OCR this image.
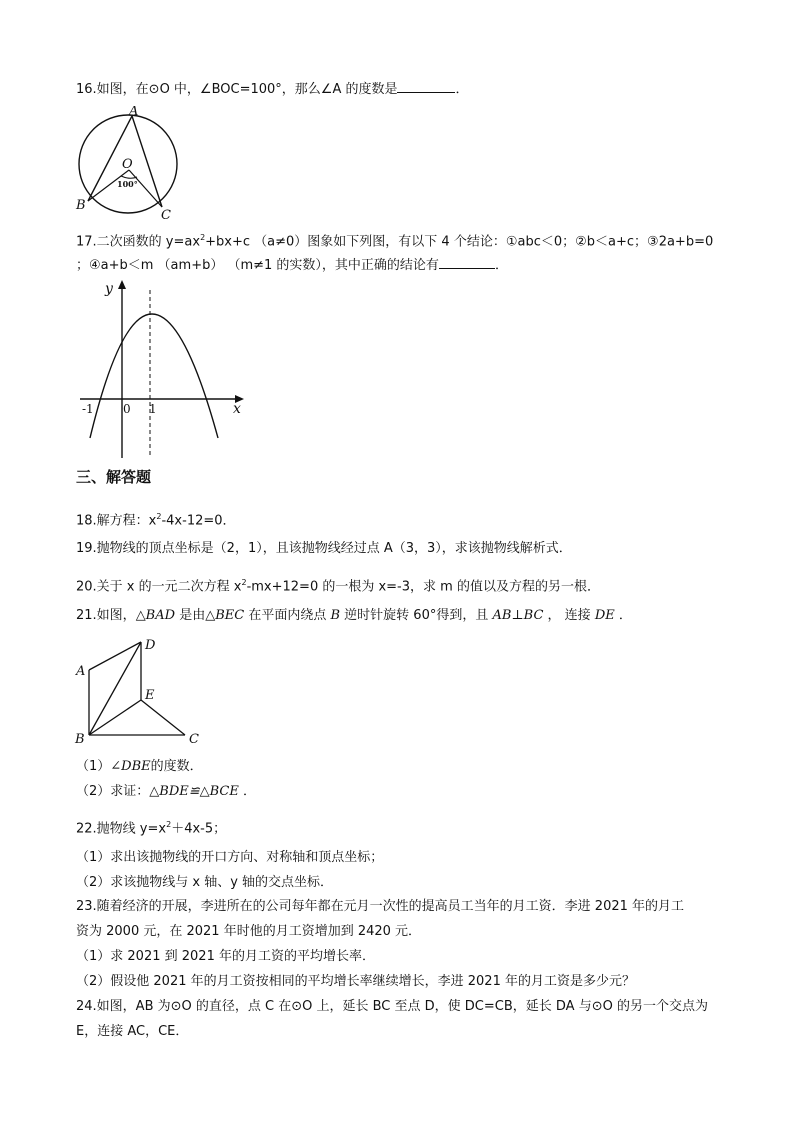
16.如图，在⊙O 中，∠BOC=100°，那么∠A 的度数是	．
A
O
100°
B
C
17.二次函数的 $y=ax^2+bx+c$ （a≠0）图象如下列图，有以下 4 个结论：①abc＜0；②b＜a+c；③2a+b=0
；④a+b＜m （am+b） （m≠1 的实数），其中正确的结论有	．
y
x
-1 0 1
三、解答题
18.解方程：$x^2-4x-12=0$．
19.抛物线的顶点坐标是（2，1），且该抛物线经过点 A（3，3），求该抛物线解析式．
20.关于 x 的一元二次方程 $x^2-mx+12=0$ 的一根为 x=-3，求 m 的值以及方程的另一根．
21.如图，△BAD 是由△BEC 在平面内绕点 B 逆时针旋转 60°得到，且 AB⊥BC ， 连接 DE ．
D
A
E
B	C
（1）∠DBE的度数．
（2）求证：△BDE≌△BCE ．
22.抛物线 $y=x^2+4x-5$；
（1）求出该抛物线的开口方向、对称轴和顶点坐标；
（2）求该抛物线与 x 轴、y 轴的交点坐标．
23.随着经济的开展，李进所在的公司每年都在元月一次性的提高员工当年的月工资．李进 2021 年的月工
资为 2000 元，在 2021 年时他的月工资增加到 2420 元．
（1）求 2021 到 2021 年的月工资的平均增长率．
（2）假设他 2021 年的月工资按相同的平均增长率继续增长，李进 2021 年的月工资是多少元？
24.如图，AB 为⊙O 的直径，点 C 在⊙O 上，延长 BC 至点 D，使 DC=CB，延长 DA 与⊙O 的另一个交点为
E，连接 AC，CE．
